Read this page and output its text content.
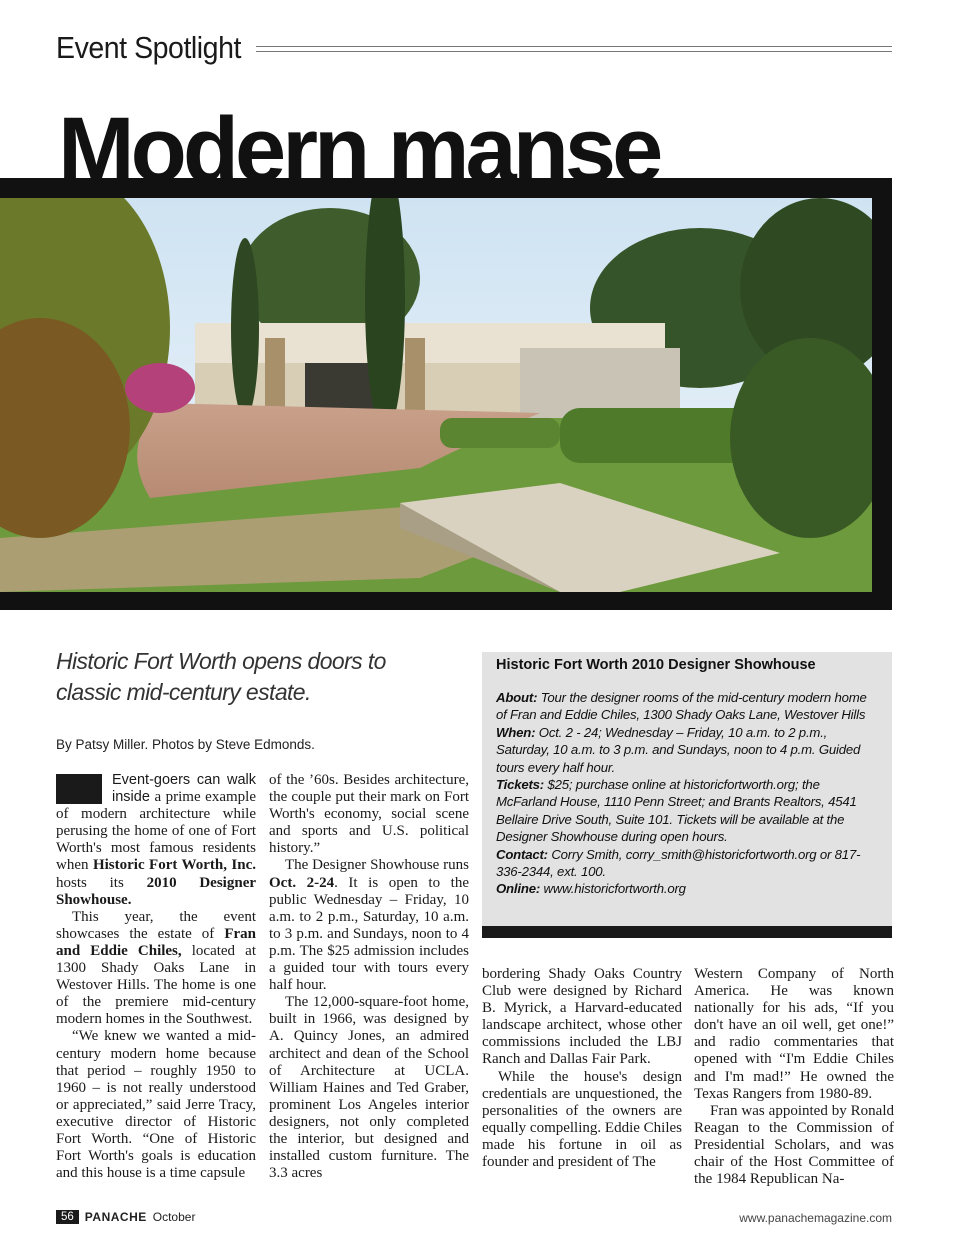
Event Spotlight
Modern manse
Historic Fort Worth opens doors to
classic mid-century estate.
By Patsy Miller. Photos by Steve Edmonds.

Event-goers can walk inside a prime example of modern architecture while perusing the home of one of Fort Worth's most famous residents when Historic Fort Worth, Inc. hosts its 2010 Designer Showhouse.

This year, the event showcases the estate of Fran and Eddie Chiles, located at 1300 Shady Oaks Lane in Westover Hills. The home is one of the premiere mid-century modern homes in the Southwest.

“We knew we wanted a mid-century modern home because that period – roughly 1950 to 1960 – is not really understood or appreciated,” said Jerre Tracy, executive director of Historic Fort Worth. “One of Historic Fort Worth's goals is education and this house is a time capsule

of the ’60s. Besides architecture, the couple put their mark on Fort Worth's economy, social scene and sports and U.S. political history.”

The Designer Showhouse runs Oct. 2-24. It is open to the public Wednesday – Friday, 10 a.m. to 2 p.m., Saturday, 10 a.m. to 3 p.m. and Sundays, noon to 4 p.m. The $25 admission includes a guided tour with tours every half hour.

The 12,000-square-foot home, built in 1966, was designed by A. Quincy Jones, an admired architect and dean of the School of Architecture at UCLA. William Haines and Ted Graber, prominent Los Angeles interior designers, not only completed the interior, but designed and installed custom furniture. The 3.3 acres

Historic Fort Worth 2010 Designer Showhouse
About: Tour the designer rooms of the mid-century modern home of Fran and Eddie Chiles, 1300 Shady Oaks Lane, Westover Hills
When: Oct. 2 - 24; Wednesday – Friday, 10 a.m. to 2 p.m., Saturday, 10 a.m. to 3 p.m. and Sundays, noon to 4 p.m. Guided tours every half hour.
Tickets: $25; purchase online at historicfortworth.org; the McFarland House, 1110 Penn Street; and Brants Realtors, 4541 Bellaire Drive South, Suite 101. Tickets will be available at the Designer Showhouse during open hours.
Contact: Corry Smith, corry_smith@historicfortworth.org or 817-336-2344, ext. 100.
Online: www.historicfortworth.org

bordering Shady Oaks Country Club were designed by Richard B. Myrick, a Harvard-educated landscape architect, whose other commissions included the LBJ Ranch and Dallas Fair Park.

While the house's design credentials are unquestioned, the personalities of the owners are equally compelling. Eddie Chiles made his fortune in oil as founder and president of The

Western Company of North America. He was known nationally for his ads, “If you don't have an oil well, get one!” and radio commentaries that opened with “I'm Eddie Chiles and I'm mad!” He owned the Texas Rangers from 1980-89.

Fran was appointed by Ronald Reagan to the Commission of Presidential Scholars, and was chair of the Host Committee of the 1984 Republican Na-

56 PANACHE October	www.panachemagazine.com
